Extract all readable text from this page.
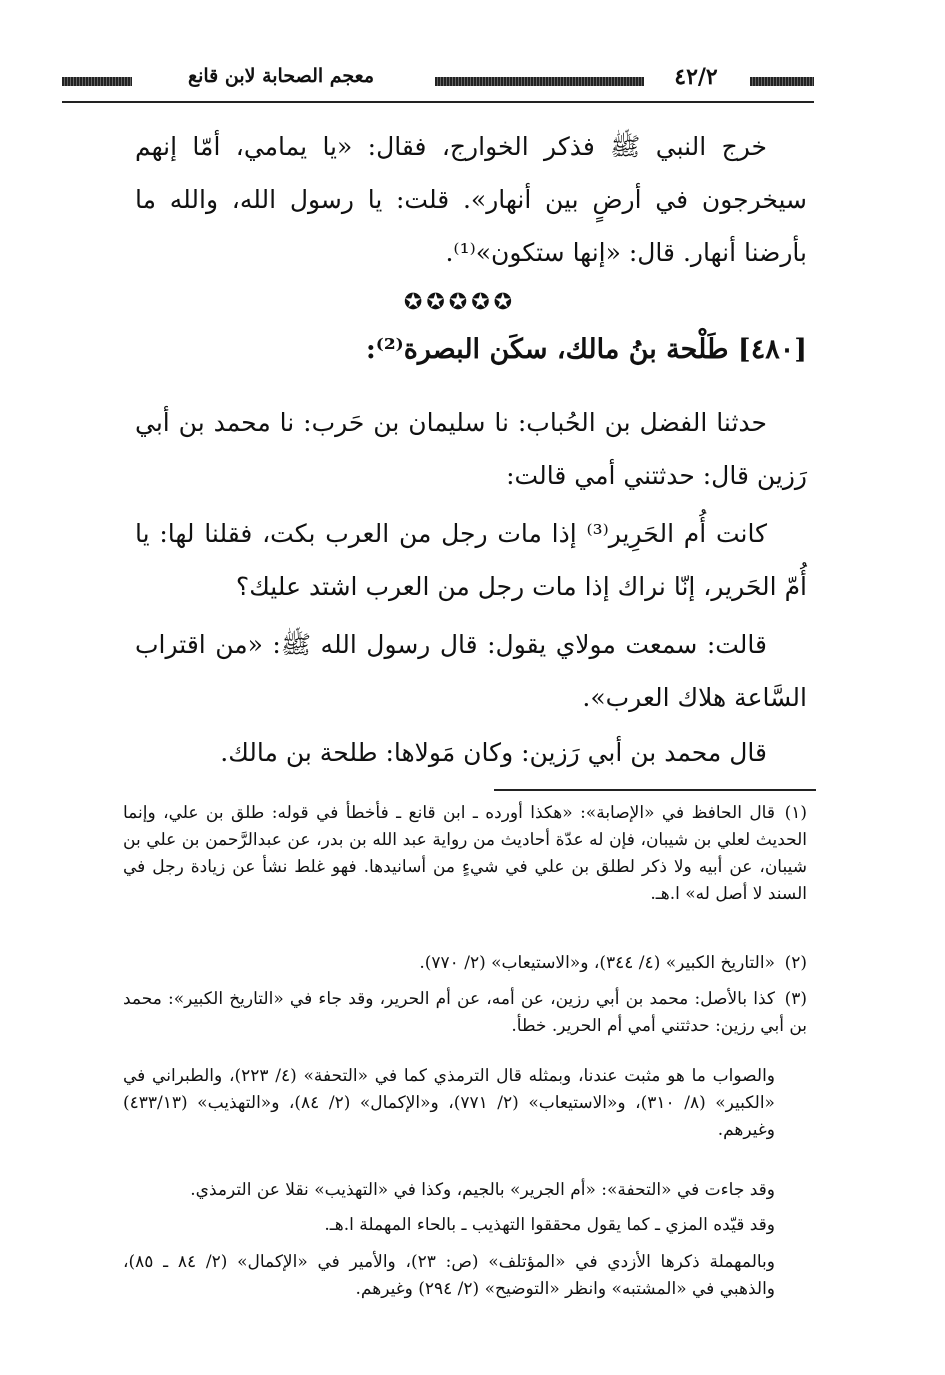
٤٢/٢
معجم الصحابة لابن قانع
خرج النبي ﷺ فذكر الخوارج، فقال: «يا يمامي، أمّا إنهم سيخرجون في أرضٍ بين أنهار». قلت: يا رسول الله، والله ما بأرضنا أنهار. قال: «إنها ستكون»⁽¹⁾.
✪✪✪✪✪
[٤٨٠] طَلْحة بنُ مالك، سكَن البصرة⁽²⁾:
حدثنا الفضل بن الحُباب: نا سليمان بن حَرب: نا محمد بن أبي رَزين قال: حدثتني أمي قالت:
كانت أُم الحَرِير⁽³⁾ إذا مات رجل من العرب بكت، فقلنا لها: يا أُمّ الحَرير، إنّا نراك إذا مات رجل من العرب اشتد عليك؟
قالت: سمعت مولاي يقول: قال رسول الله ﷺ: «من اقتراب السَّاعة هلاك العرب».
قال محمد بن أبي رَزين: وكان مَولاها: طلحة بن مالك.
(١)قال الحافظ في «الإصابة»: «هكذا أورده ـ ابن قانع ـ فأخطأ في قوله: طلق بن علي، وإنما الحديث لعلي بن شيبان، فإن له عدّة أحاديث من رواية عبد الله بن بدر، عن عبدالرَّحمن بن علي بن شيبان، عن أبيه ولا ذكر لطلق بن علي في شيءٍ من أسانيدها. فهو غلط نشأ عن زيادة رجل في السند لا أصل له» ا.هـ.
(٢)«التاريخ الكبير» (٤/ ٣٤٤)، و«الاستيعاب» (٢/ ٧٧٠).
(٣)كذا بالأصل: محمد بن أبي رزين، عن أمه، عن أم الحرير، وقد جاء في «التاريخ الكبير»: محمد بن أبي رزين: حدثتني أمي أم الحرير. خطأ.
والصواب ما هو مثبت عندنا، وبمثله قال الترمذي كما في «التحفة» (٤/ ٢٢٣)، والطبراني في «الكبير» (٨/ ٣١٠)، و«الاستيعاب» (٢/ ٧٧١)، و«الإكمال» (٢/ ٨٤)، و«التهذيب» (٤٣٣/١٣) وغيرهم.
وقد جاءت في «التحفة»: «أم الجرير» بالجيم، وكذا في «التهذيب» نقلا عن الترمذي.
وقد قيّده المزي ـ كما يقول محققوا التهذيب ـ بالحاء المهملة ا.هـ.
وبالمهملة ذكرها الأزدي في «المؤتلف» (ص: ٢٣)، والأمير في «الإكمال» (٢/ ٨٤ ـ ٨٥)، والذهبي في «المشتبه» وانظر «التوضيح» (٢/ ٢٩٤) وغيرهم.
